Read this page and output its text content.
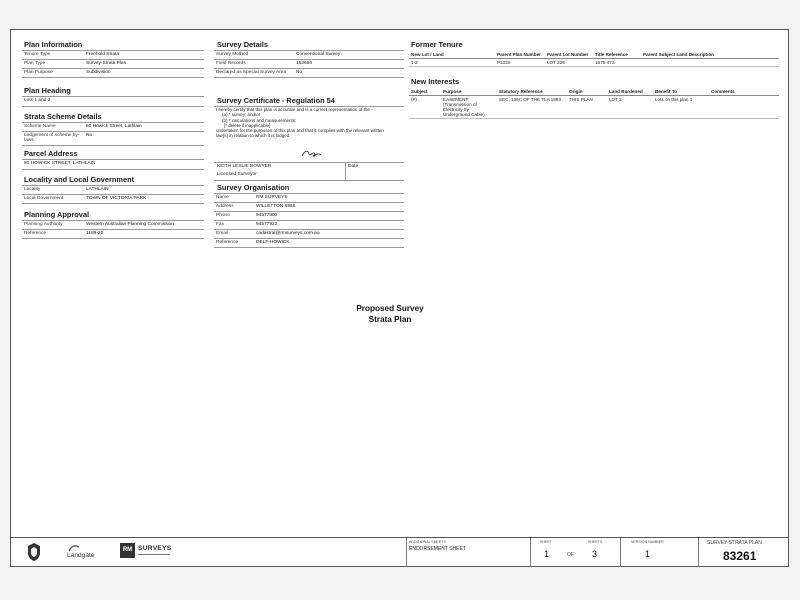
Plan Information
Tenure Type	Freehold Strata
Plan Type	Survey-Strata Plan
Plan Purpose	Subdivision
Plan Heading
Lots 1 and 2
Strata Scheme Details
Scheme Name	80 Howick Street, Lathlain
Lodgement of scheme by-laws	No
Parcel Address
80 HOWICK STREET, LATHLAIN
Locality and Local Government
Locality	LATHLAIN
Local Government	TOWN OF VICTORIA PARK
Planning Approval
Planning Authority	Western Australian Planning Commission
Reference	1189-20
Survey Details
Survey Method	Conventional Survey
Field Records	152654
Declared as Special Survey Area	No
Survey Certificate - Regulation 54
I hereby certify that this plan is accurate and is a correct representation of the -
(a) * survey; and/or
(b) * calculations and measurements;
[* delete if inapplicable]
undertaken for the purposes of this plan and that it complies with the relevant written
law(s) in relation to which it is lodged.
KEITH LESLIE BOWYER	Date
Licensed Surveyor
Survey Organisation
Name	RM SURVEYS
Address	WILLETTON 6955
Phone	94577900
Fax	94577922
Email	cadastral@rmsurveys.com.au
Reference	DELF-HOWICK
Former Tenure
New Lot / Land	Parent Plan Number	Parent Lot Number	Title Reference	Parent Subject Land Description
1-2	P1030	LOT 226	1675-473	
New Interests
Subject	Purpose	Statutory Reference	Origin	Land Burdened	Benefit To	Comments
(F)	EASEMENT (Transmission of Electricity by Underground Cable)	SEC. 136C OF THE TLA 1893	THIS PLAN	LOT 2	Lots on this plan 1	
Proposed Survey
Strata Plan
Landgate
RM SURVEYS
ADDITIONAL SHEETS
ENDORSEMENT SHEET
SHEET	SHEETS
1	OF 3
VERSION NUMBER
1
SURVEY-STRATA PLAN
83261
